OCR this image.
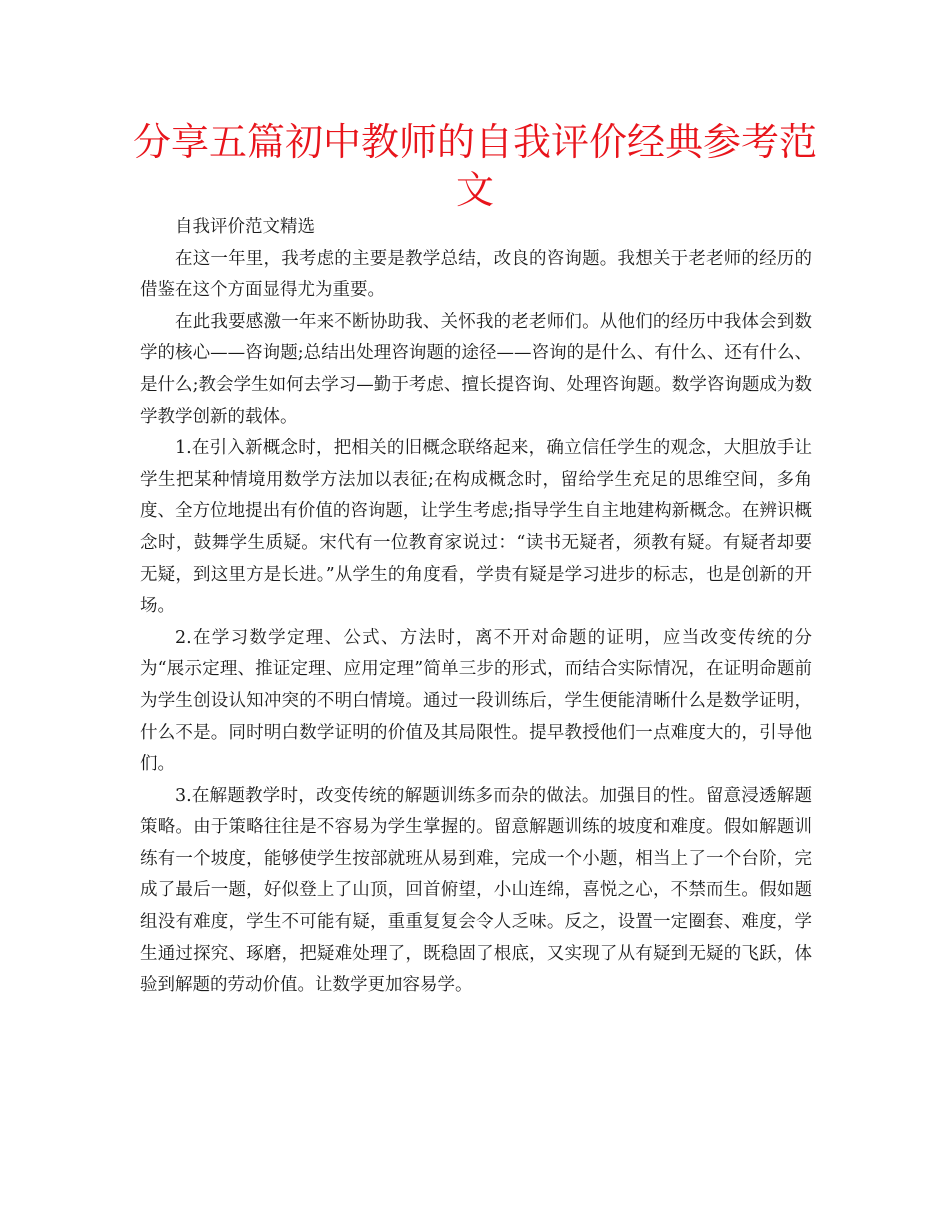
分享五篇初中教师的自我评价经典参考范文

自我评价范文精选

在这一年里，我考虑的主要是教学总结，改良的咨询题。我想关于老老师的经历的借鉴在这个方面显得尤为重要。

在此我要感激一年来不断协助我、关怀我的老老师们。从他们的经历中我体会到数学的核心——咨询题;总结出处理咨询题的途径——咨询的是什么、有什么、还有什么、是什么;教会学生如何去学习—勤于考虑、擅长提咨询、处理咨询题。数学咨询题成为数学教学创新的载体。

1.在引入新概念时，把相关的旧概念联络起来，确立信任学生的观念，大胆放手让学生把某种情境用数学方法加以表征;在构成概念时，留给学生充足的思维空间，多角度、全方位地提出有价值的咨询题，让学生考虑;指导学生自主地建构新概念。在辨识概念时，鼓舞学生质疑。宋代有一位教育家说过：“读书无疑者，须教有疑。有疑者却要无疑，到这里方是长进。”从学生的角度看，学贵有疑是学习进步的标志，也是创新的开场。

2.在学习数学定理、公式、方法时，离不开对命题的证明，应当改变传统的分为“展示定理、推证定理、应用定理”简单三步的形式，而结合实际情况，在证明命题前为学生创设认知冲突的不明白情境。通过一段训练后，学生便能清晰什么是数学证明，什么不是。同时明白数学证明的价值及其局限性。提早教授他们一点难度大的，引导他们。

3.在解题教学时，改变传统的解题训练多而杂的做法。加强目的性。留意浸透解题策略。由于策略往往是不容易为学生掌握的。留意解题训练的坡度和难度。假如解题训练有一个坡度，能够使学生按部就班从易到难，完成一个小题，相当上了一个台阶，完成了最后一题，好似登上了山顶，回首俯望，小山连绵，喜悦之心，不禁而生。假如题组没有难度，学生不可能有疑，重重复复会令人乏味。反之，设置一定圈套、难度，学生通过探究、琢磨，把疑难处理了，既稳固了根底，又实现了从有疑到无疑的飞跃，体验到解题的劳动价值。让数学更加容易学。
